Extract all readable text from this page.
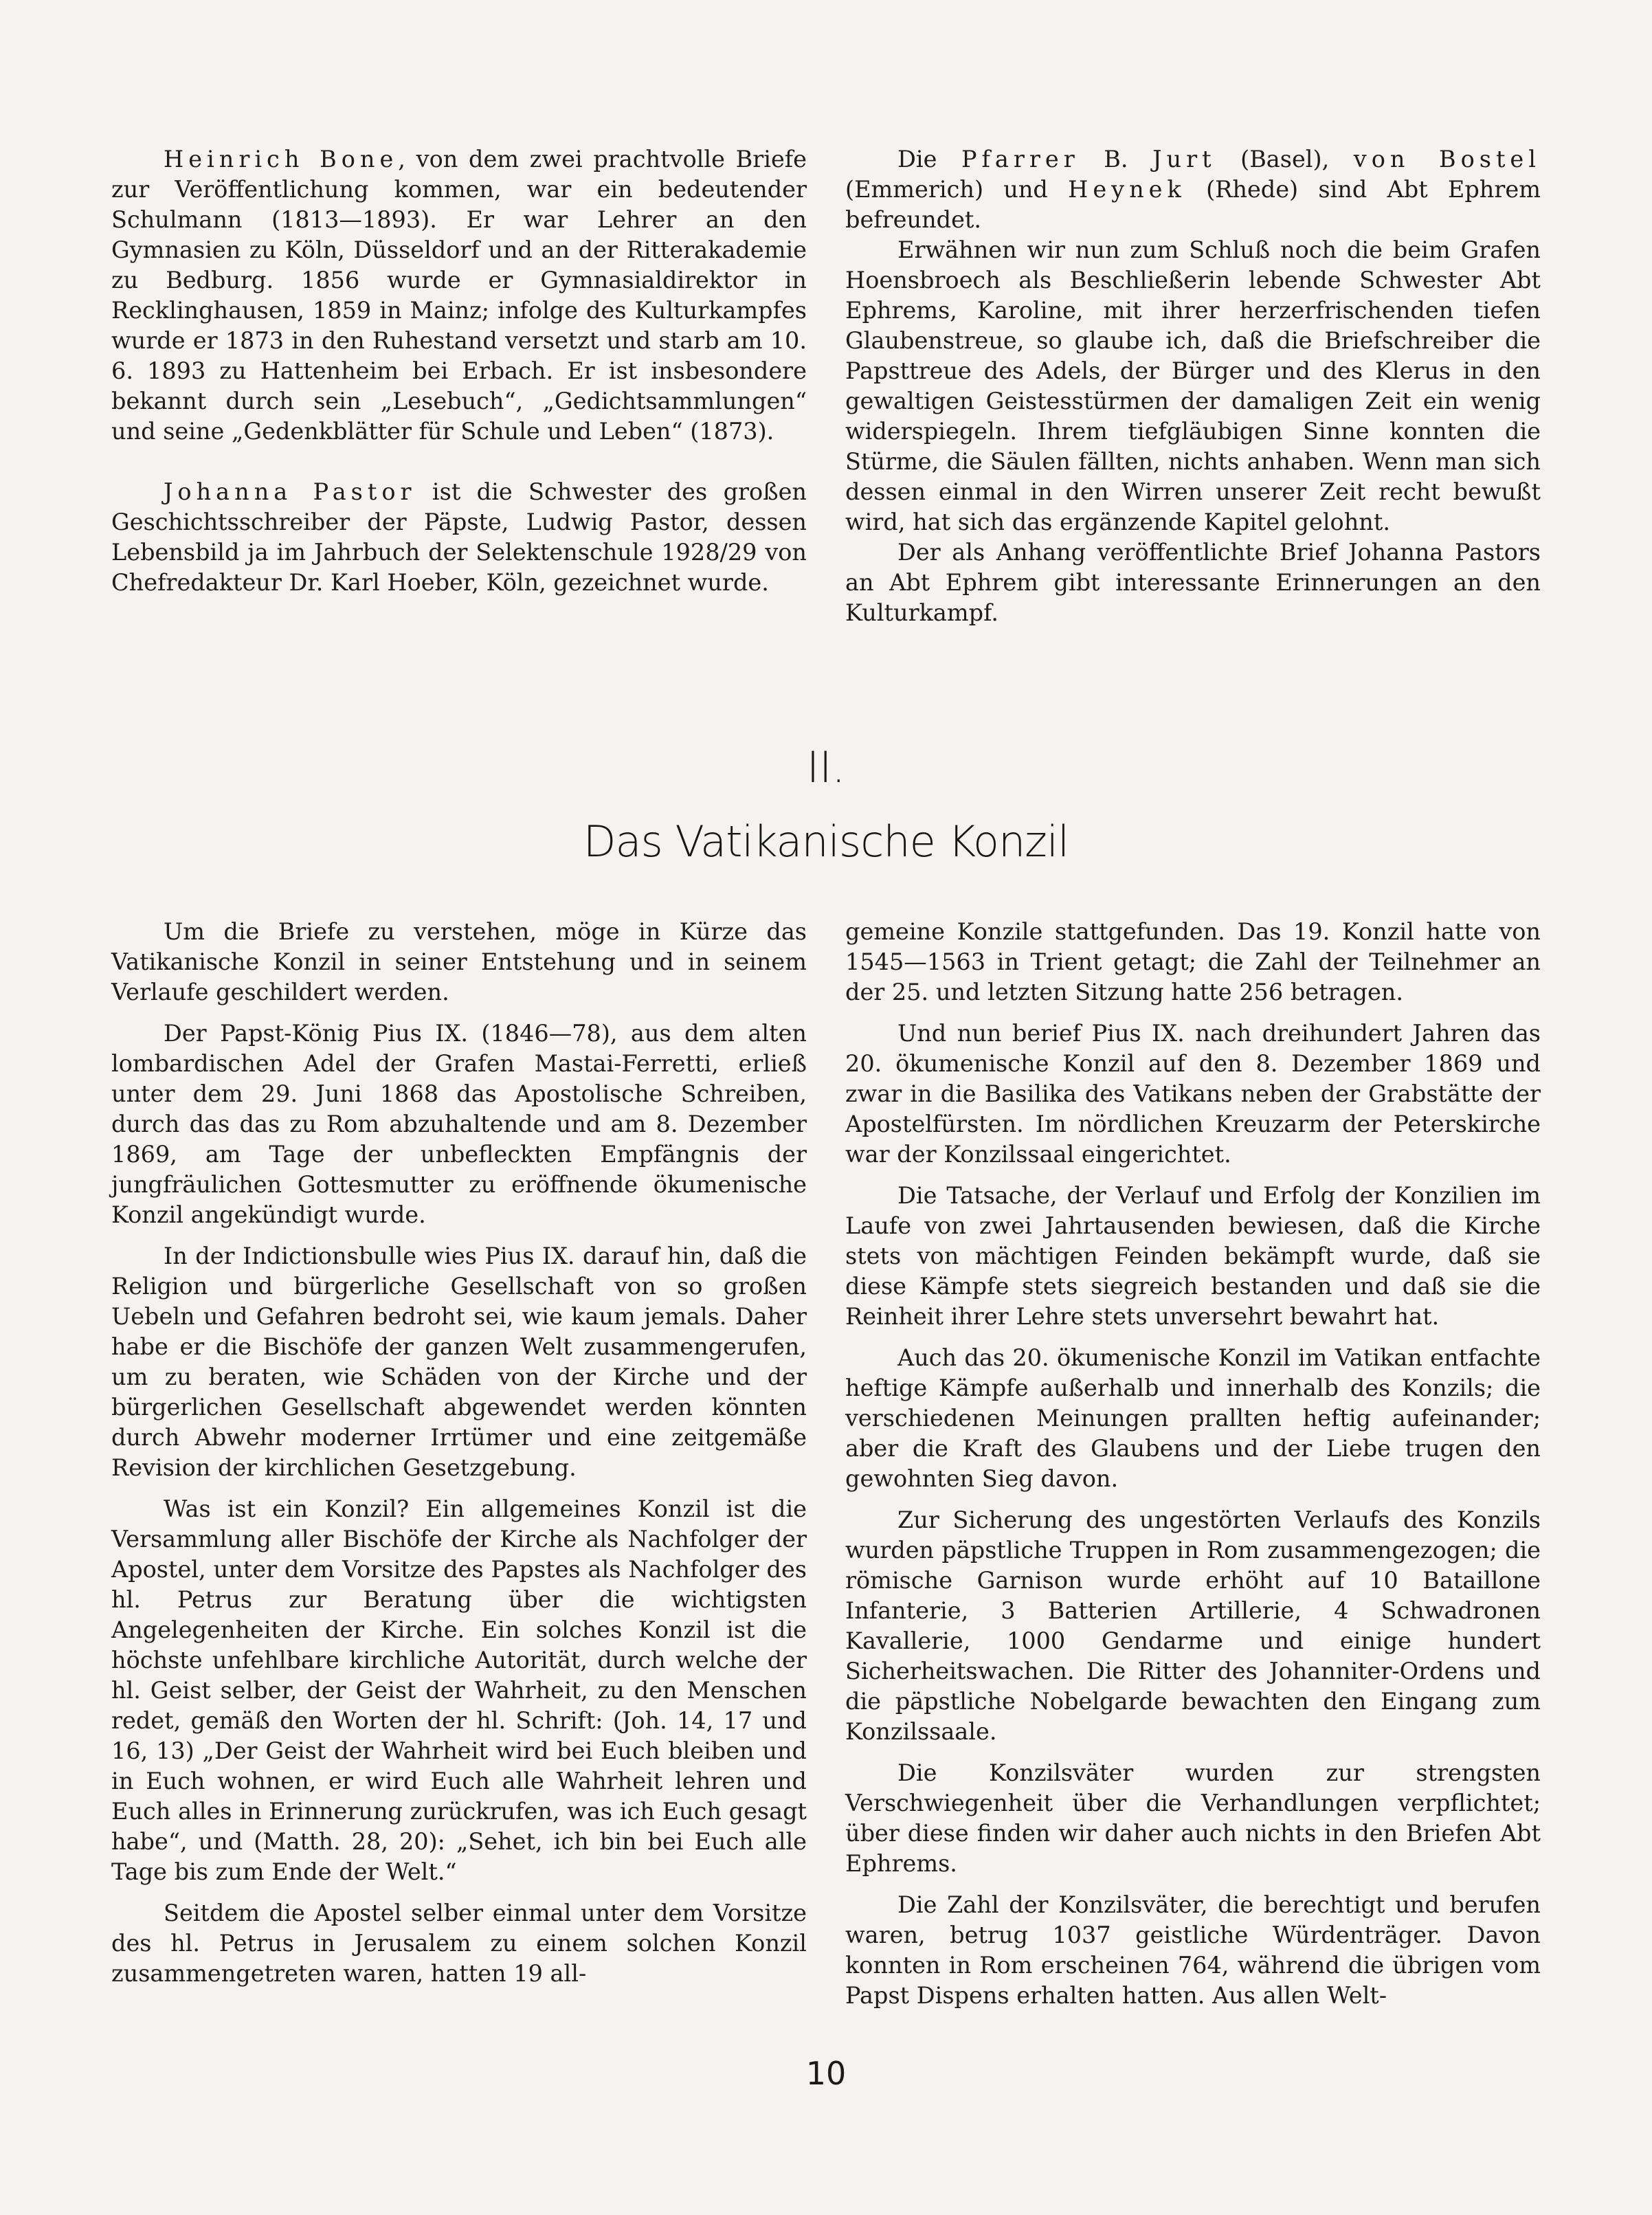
Heinrich Bone, von dem zwei prachtvolle Briefe zur Veröffentlichung kommen, war ein bedeutender Schulmann (1813—1893). Er war Lehrer an den Gymnasien zu Köln, Düsseldorf und an der Ritterakademie zu Bedburg. 1856 wurde er Gymnasialdirektor in Recklinghausen, 1859 in Mainz; infolge des Kulturkampfes wurde er 1873 in den Ruhestand versetzt und starb am 10. 6. 1893 zu Hattenheim bei Erbach. Er ist insbesondere bekannt durch sein „Lesebuch“, „Gedichtsammlungen“ und seine „Gedenkblätter für Schule und Leben“ (1873).

Johanna Pastor ist die Schwester des großen Geschichtsschreiber der Päpste, Ludwig Pastor, dessen Lebensbild ja im Jahrbuch der Selektenschule 1928/29 von Chefredakteur Dr. Karl Hoeber, Köln, gezeichnet wurde.

Die Pfarrer B. Jurt (Basel), von Bostel (Emmerich) und Heynek (Rhede) sind Abt Ephrem befreundet.

Erwähnen wir nun zum Schluß noch die beim Grafen Hoensbroech als Beschließerin lebende Schwester Abt Ephrems, Karoline, mit ihrer herzerfrischenden tiefen Glaubenstreue, so glaube ich, daß die Briefschreiber die Papsttreue des Adels, der Bürger und des Klerus in den gewaltigen Geistesstürmen der damaligen Zeit ein wenig widerspiegeln. Ihrem tiefgläubigen Sinne konnten die Stürme, die Säulen fällten, nichts anhaben. Wenn man sich dessen einmal in den Wirren unserer Zeit recht bewußt wird, hat sich das ergänzende Kapitel gelohnt.

Der als Anhang veröffentlichte Brief Johanna Pastors an Abt Ephrem gibt interessante Erinnerungen an den Kulturkampf.

II.
Das Vatikanische Konzil

Um die Briefe zu verstehen, möge in Kürze das Vatikanische Konzil in seiner Entstehung und in seinem Verlaufe geschildert werden.

Der Papst-König Pius IX. (1846—78), aus dem alten lombardischen Adel der Grafen Mastai-Ferretti, erließ unter dem 29. Juni 1868 das Apostolische Schreiben, durch das das zu Rom abzuhaltende und am 8. Dezember 1869, am Tage der unbefleckten Empfängnis der jungfräulichen Gottesmutter zu eröffnende ökumenische Konzil angekündigt wurde.

In der Indictionsbulle wies Pius IX. darauf hin, daß die Religion und bürgerliche Gesellschaft von so großen Uebeln und Gefahren bedroht sei, wie kaum jemals. Daher habe er die Bischöfe der ganzen Welt zusammengerufen, um zu beraten, wie Schäden von der Kirche und der bürgerlichen Gesellschaft abgewendet werden könnten durch Abwehr moderner Irrtümer und eine zeitgemäße Revision der kirchlichen Gesetzgebung.

Was ist ein Konzil? Ein allgemeines Konzil ist die Versammlung aller Bischöfe der Kirche als Nachfolger der Apostel, unter dem Vorsitze des Papstes als Nachfolger des hl. Petrus zur Beratung über die wichtigsten Angelegenheiten der Kirche. Ein solches Konzil ist die höchste unfehlbare kirchliche Autorität, durch welche der hl. Geist selber, der Geist der Wahrheit, zu den Menschen redet, gemäß den Worten der hl. Schrift: (Joh. 14, 17 und 16, 13) „Der Geist der Wahrheit wird bei Euch bleiben und in Euch wohnen, er wird Euch alle Wahrheit lehren und Euch alles in Erinnerung zurückrufen, was ich Euch gesagt habe“, und (Matth. 28, 20): „Sehet, ich bin bei Euch alle Tage bis zum Ende der Welt.“

Seitdem die Apostel selber einmal unter dem Vorsitze des hl. Petrus in Jerusalem zu einem solchen Konzil zusammengetreten waren, hatten 19 all-

gemeine Konzile stattgefunden. Das 19. Konzil hatte von 1545—1563 in Trient getagt; die Zahl der Teilnehmer an der 25. und letzten Sitzung hatte 256 betragen.

Und nun berief Pius IX. nach dreihundert Jahren das 20. ökumenische Konzil auf den 8. Dezember 1869 und zwar in die Basilika des Vatikans neben der Grabstätte der Apostelfürsten. Im nördlichen Kreuzarm der Peterskirche war der Konzilssaal eingerichtet.

Die Tatsache, der Verlauf und Erfolg der Konzilien im Laufe von zwei Jahrtausenden bewiesen, daß die Kirche stets von mächtigen Feinden bekämpft wurde, daß sie diese Kämpfe stets siegreich bestanden und daß sie die Reinheit ihrer Lehre stets unversehrt bewahrt hat.

Auch das 20. ökumenische Konzil im Vatikan entfachte heftige Kämpfe außerhalb und innerhalb des Konzils; die verschiedenen Meinungen prallten heftig aufeinander; aber die Kraft des Glaubens und der Liebe trugen den gewohnten Sieg davon.

Zur Sicherung des ungestörten Verlaufs des Konzils wurden päpstliche Truppen in Rom zusammengezogen; die römische Garnison wurde erhöht auf 10 Bataillone Infanterie, 3 Batterien Artillerie, 4 Schwadronen Kavallerie, 1000 Gendarme und einige hundert Sicherheitswachen. Die Ritter des Johanniter-Ordens und die päpstliche Nobelgarde bewachten den Eingang zum Konzilssaale.

Die Konzilsväter wurden zur strengsten Verschwiegenheit über die Verhandlungen verpflichtet; über diese finden wir daher auch nichts in den Briefen Abt Ephrems.

Die Zahl der Konzilsväter, die berechtigt und berufen waren, betrug 1037 geistliche Würdenträger. Davon konnten in Rom erscheinen 764, während die übrigen vom Papst Dispens erhalten hatten. Aus allen Welt-

10
